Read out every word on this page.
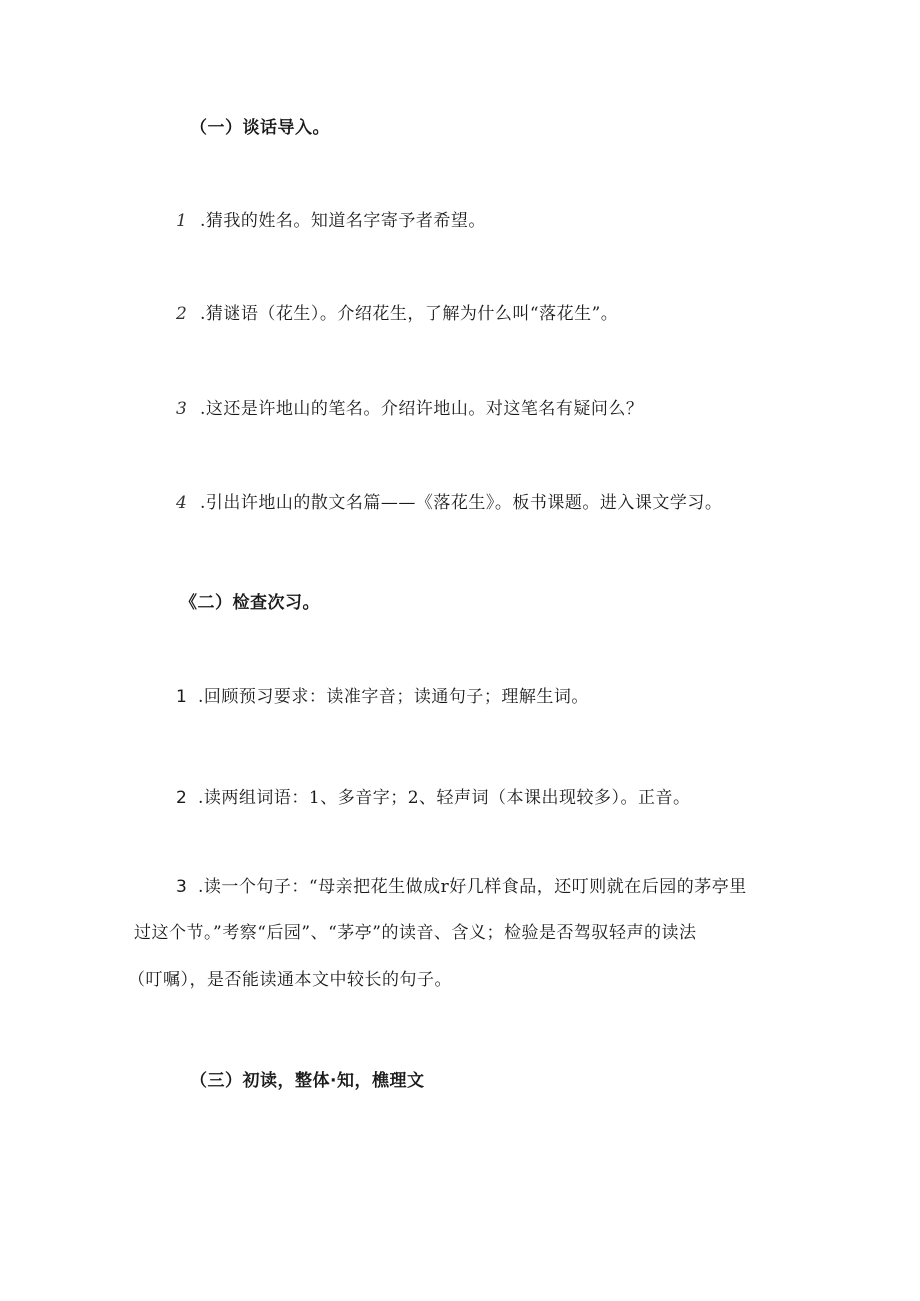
（一）谈话导入。
1 .猜我的姓名。知道名字寄予者希望。
2 .猜谜语（花生）。介绍花生，了解为什么叫“落花生”。
3 .这还是许地山的笔名。介绍许地山。对这笔名有疑问么？
4 .引出许地山的散文名篇——《落花生》。板书课题。进入课文学习。
《二）检查次习。
1 .回顾预习要求：读准字音；读通句子；理解生词。
2 .读两组词语：1、多音字；2、轻声词（本课出现较多）。正音。
3 .读一个句子：“母亲把花生做成r好几样食品，还叮则就在后园的茅亭里
过这个节。”考察“后园”、“茅亭”的读音、含义；检验是否驾驭轻声的读法
（叮嘱），是否能读通本文中较长的句子。
（三）初读，整体·知，樵理文
